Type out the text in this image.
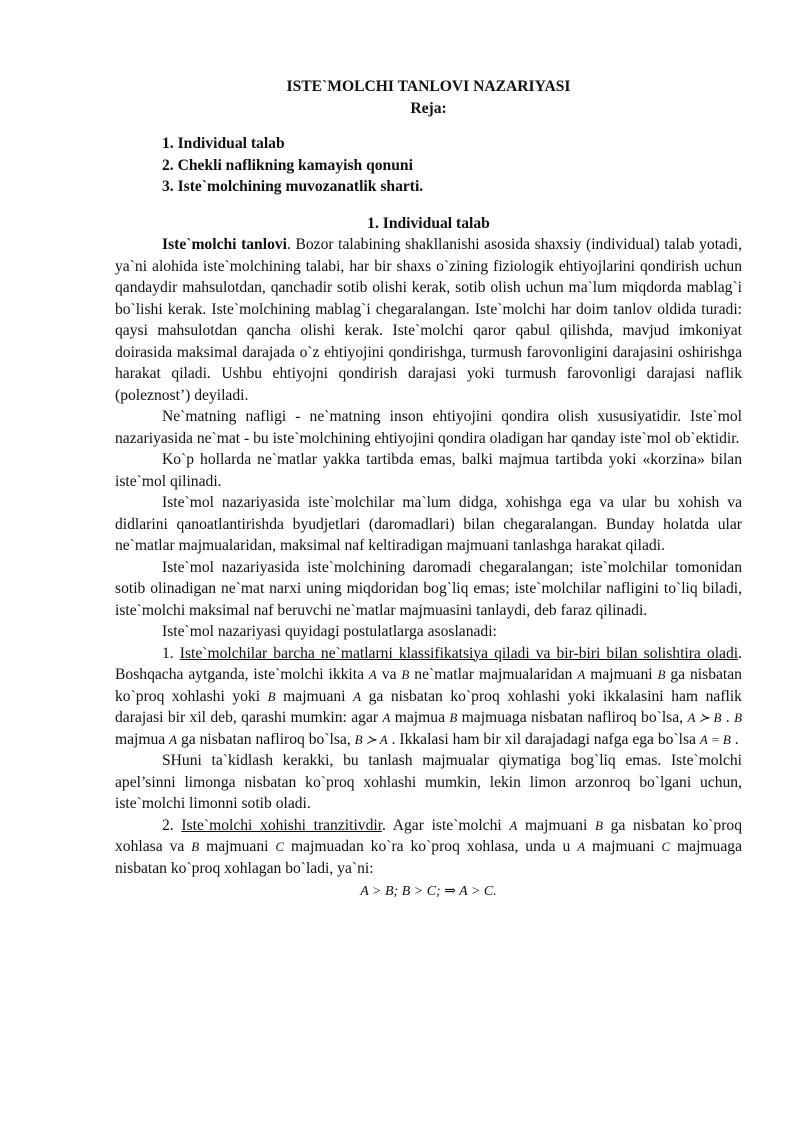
ISTE`MOLCHI TANLOVI NAZARIYASI
Reja:
1. Individual talab
2. Chekli naflikning kamayish qonuni
3. Iste`molchining muvozanatlik sharti.
1. Individual talab

Iste`molchi tanlovi. Bozor talabining shakllanishi asosida shaxsiy (individual) talab yotadi, ya`ni alohida iste`molchining talabi, har bir shaxs o`zining fiziologik ehtiyojlarini qondirish uchun qandaydir mahsulotdan, qanchadir sotib olishi kerak, sotib olish uchun ma`lum miqdorda mablag`i bo`lishi kerak. Iste`molchining mablag`i chegaralangan. Iste`molchi har doim tanlov oldida turadi: qaysi mahsulotdan qancha olishi kerak. Iste`molchi qaror qabul qilishda, mavjud imkoniyat doirasida maksimal darajada o`z ehtiyojini qondirishga, turmush farovonligini darajasini oshirishga harakat qiladi. Ushbu ehtiyojni qondirish darajasi yoki turmush farovonligi darajasi naflik (poleznost’) deyiladi.

Ne`matning nafligi - ne`matning inson ehtiyojini qondira olish xususiyatidir. Iste`mol nazariyasida ne`mat - bu iste`molchining ehtiyojini qondira oladigan har qanday iste`mol ob`ektidir.

Ko`p hollarda ne`matlar yakka tartibda emas, balki majmua tartibda yoki «korzina» bilan iste`mol qilinadi.

Iste`mol nazariyasida iste`molchilar ma`lum didga, xohishga ega va ular bu xohish va didlarini qanoatlantirishda byudjetlari (daromadlari) bilan chegaralangan. Bunday holatda ular ne`matlar majmualaridan, maksimal naf keltiradigan majmuani tanlashga harakat qiladi.

Iste`mol nazariyasida iste`molchining daromadi chegaralangan; iste`molchilar tomonidan sotib olinadigan ne`mat narxi uning miqdoridan bog`liq emas; iste`molchilar nafligini to`liq biladi, iste`molchi maksimal naf beruvchi ne`matlar majmuasini tanlaydi, deb faraz qilinadi.

Iste`mol nazariyasi quyidagi postulatlarga asoslanadi:

1. Iste`molchilar barcha ne`matlarni klassifikatsiya qiladi va bir-biri bilan solishtira oladi. Boshqacha aytganda, iste`molchi ikkita A va B ne`matlar majmualaridan A majmuani B ga nisbatan ko`proq xohlashi yoki B majmuani A ga nisbatan ko`proq xohlashi yoki ikkalasini ham naflik darajasi bir xil deb, qarashi mumkin: agar A majmua B majmuaga nisbatan nafliroq bo`lsa, A ≻ B . B majmua A ga nisbatan nafliroq bo`lsa, B ≻ A . Ikkalasi ham bir xil darajadagi nafga ega bo`lsa A = B .

SHuni ta`kidlash kerakki, bu tanlash majmualar qiymatiga bog`liq emas. Iste`molchi apel’sinni limonga nisbatan ko`proq xohlashi mumkin, lekin limon arzonroq bo`lgani uchun, iste`molchi limonni sotib oladi.

2. Iste`molchi xohishi tranzitivdir. Agar iste`molchi A majmuani B ga nisbatan ko`proq xohlasa va B majmuani C majmuadan ko`ra ko`proq xohlasa, unda u A majmuani C majmuaga nisbatan ko`proq xohlagan bo`ladi, ya`ni:

A > B; B > C; ⇒ A > C.
